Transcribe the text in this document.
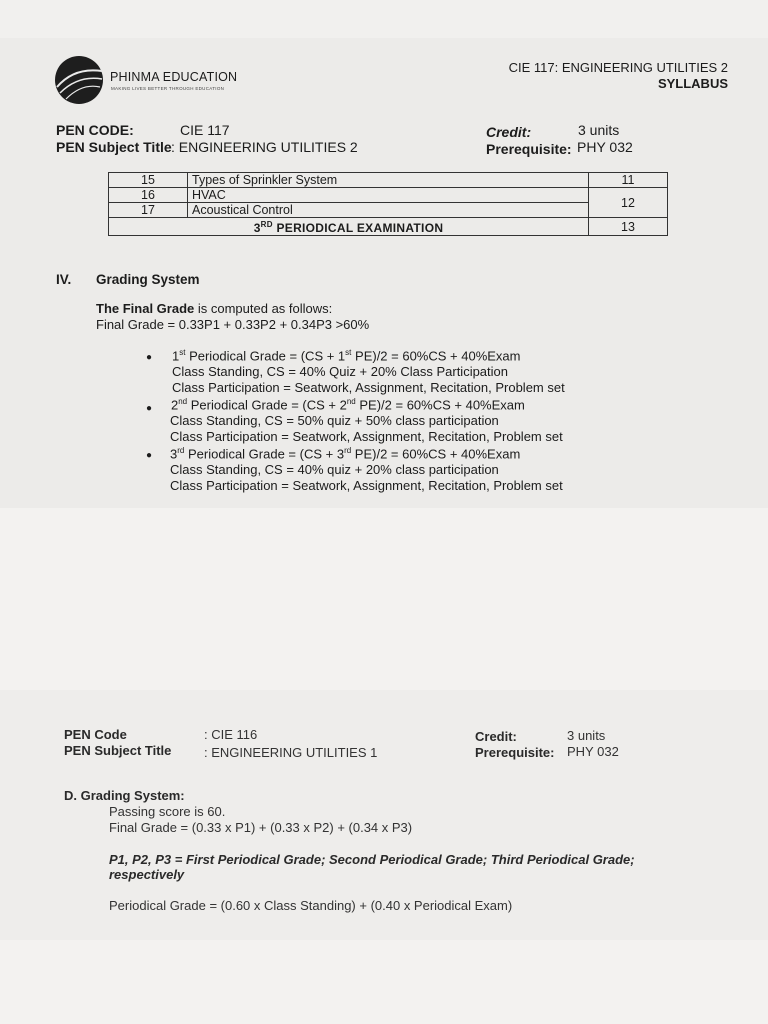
PHINMA EDUCATION
MAKING LIVES BETTER THROUGH EDUCATION
CIE 117: ENGINEERING UTILITIES 2
SYLLABUS
PEN CODE:	CIE 117
PEN Subject Title : ENGINEERING UTILITIES 2
Credit:	3 units
Prerequisite: PHY 032
15	Types of Sprinkler System	11
16	HVAC	12
17	Acoustical Control	
3RD PERIODICAL EXAMINATION		13
IV. Grading System
The Final Grade is computed as follows:
Final Grade = 0.33P1 + 0.33P2 + 0.34P3 >60%
● 1st Periodical Grade = (CS + 1st PE)/2 = 60%CS + 40%Exam
Class Standing, CS = 40% Quiz + 20% Class Participation
Class Participation = Seatwork, Assignment, Recitation, Problem set
● 2nd Periodical Grade = (CS + 2nd PE)/2 = 60%CS + 40%Exam
Class Standing, CS = 50% quiz + 50% class participation
Class Participation = Seatwork, Assignment, Recitation, Problem set
● 3rd Periodical Grade = (CS + 3rd PE)/2 = 60%CS + 40%Exam
Class Standing, CS = 40% quiz + 20% class participation
Class Participation = Seatwork, Assignment, Recitation, Problem set
PEN Code	: CIE 116
PEN Subject Title	: ENGINEERING UTILITIES 1
Credit:	3 units
Prerequisite: PHY 032
D. Grading System:
Passing score is 60.
Final Grade = (0.33 x P1) + (0.33 x P2) + (0.34 x P3)
P1, P2, P3 = First Periodical Grade; Second Periodical Grade; Third Periodical Grade;
respectively
Periodical Grade = (0.60 x Class Standing) + (0.40 x Periodical Exam)
